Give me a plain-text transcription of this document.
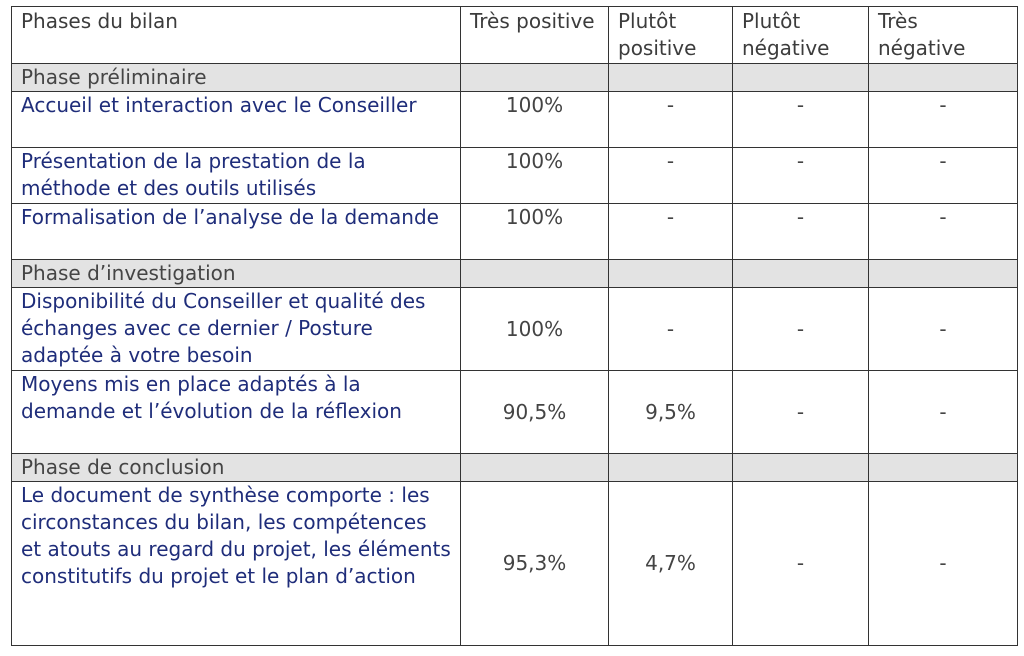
Phases du bilan	Très positive	Plutôt positive	Plutôt négative	Très négative
Phase préliminaire				
Accueil et interaction avec le Conseiller	100%	-	-	-
Présentation de la prestation de la méthode et des outils utilisés	100%	-	-	-
Formalisation de l’analyse de la demande	100%	-	-	-
Phase d’investigation				
Disponibilité du Conseiller et qualité des échanges avec ce dernier / Posture adaptée à votre besoin	100%	-	-	-
Moyens mis en place adaptés à la demande et l’évolution de la réflexion	90,5%	9,5%	-	-
Phase de conclusion				
Le document de synthèse comporte : les circonstances du bilan, les compétences et atouts au regard du projet, les éléments constitutifs du projet et le plan d’action	95,3%	4,7%	-	-
